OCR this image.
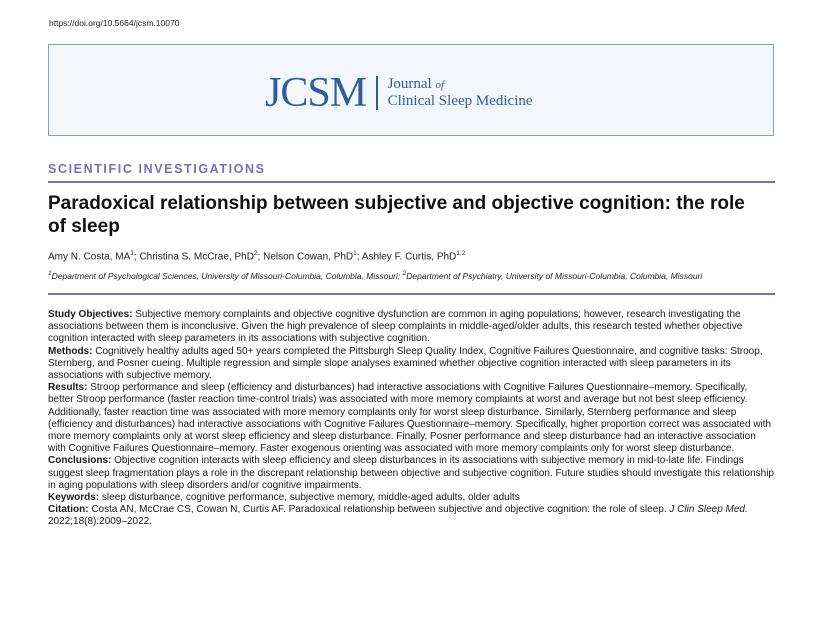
https://doi.org/10.5664/jcsm.10070
JCSM Journal of
Clinical Sleep Medicine
SCIENTIFIC INVESTIGATIONS
Paradoxical relationship between subjective and objective cognition: the role of sleep
Amy N. Costa, $MA^1$; Christina S. McCrae, PhD$^2$; Nelson Cowan, PhD$^1$; Ashley F. Curtis, PhD$^{1,2}$
$^1$Department of Psychological Sciences, University of Missouri-Columbia, Columbia, Missouri; $^2$Department of Psychiatry, University of Missouri-Columbia, Columbia, Missouri

Study Objectives: Subjective memory complaints and objective cognitive dysfunction are common in aging populations; however, research investigating the associations between them is inconclusive. Given the high prevalence of sleep complaints in middle-aged/older adults, this research tested whether objective cognition interacted with sleep parameters in its associations with subjective cognition.

Methods: Cognitively healthy adults aged 50+ years completed the Pittsburgh Sleep Quality Index, Cognitive Failures Questionnaire, and cognitive tasks: Stroop, Sternberg, and Posner cueing. Multiple regression and simple slope analyses examined whether objective cognition interacted with sleep parameters in its associations with subjective memory.

Results: Stroop performance and sleep (efficiency and disturbances) had interactive associations with Cognitive Failures Questionnaire–memory. Specifically, better Stroop performance (faster reaction time-control trials) was associated with more memory complaints at worst and average but not best sleep efficiency. Additionally, faster reaction time was associated with more memory complaints only for worst sleep disturbance. Similarly, Sternberg performance and sleep (efficiency and disturbances) had interactive associations with Cognitive Failures Questionnaire–memory. Specifically, higher proportion correct was associated with more memory complaints only at worst sleep efficiency and sleep disturbance. Finally, Posner performance and sleep disturbance had an interactive association with Cognitive Failures Questionnaire–memory. Faster exogenous orienting was associated with more memory complaints only for worst sleep disturbance.

Conclusions: Objective cognition interacts with sleep efficiency and sleep disturbances in its associations with subjective memory in mid-to-late life. Findings suggest sleep fragmentation plays a role in the discrepant relationship between objective and subjective cognition. Future studies should investigate this relationship in aging populations with sleep disorders and/or cognitive impairments.

Keywords: sleep disturbance, cognitive performance, subjective memory, middle-aged adults, older adults

Citation: Costa AN, McCrae CS, Cowan N, Curtis AF. Paradoxical relationship between subjective and objective cognition: the role of sleep. J Clin Sleep Med. 2022;18(8):2009–2022.
